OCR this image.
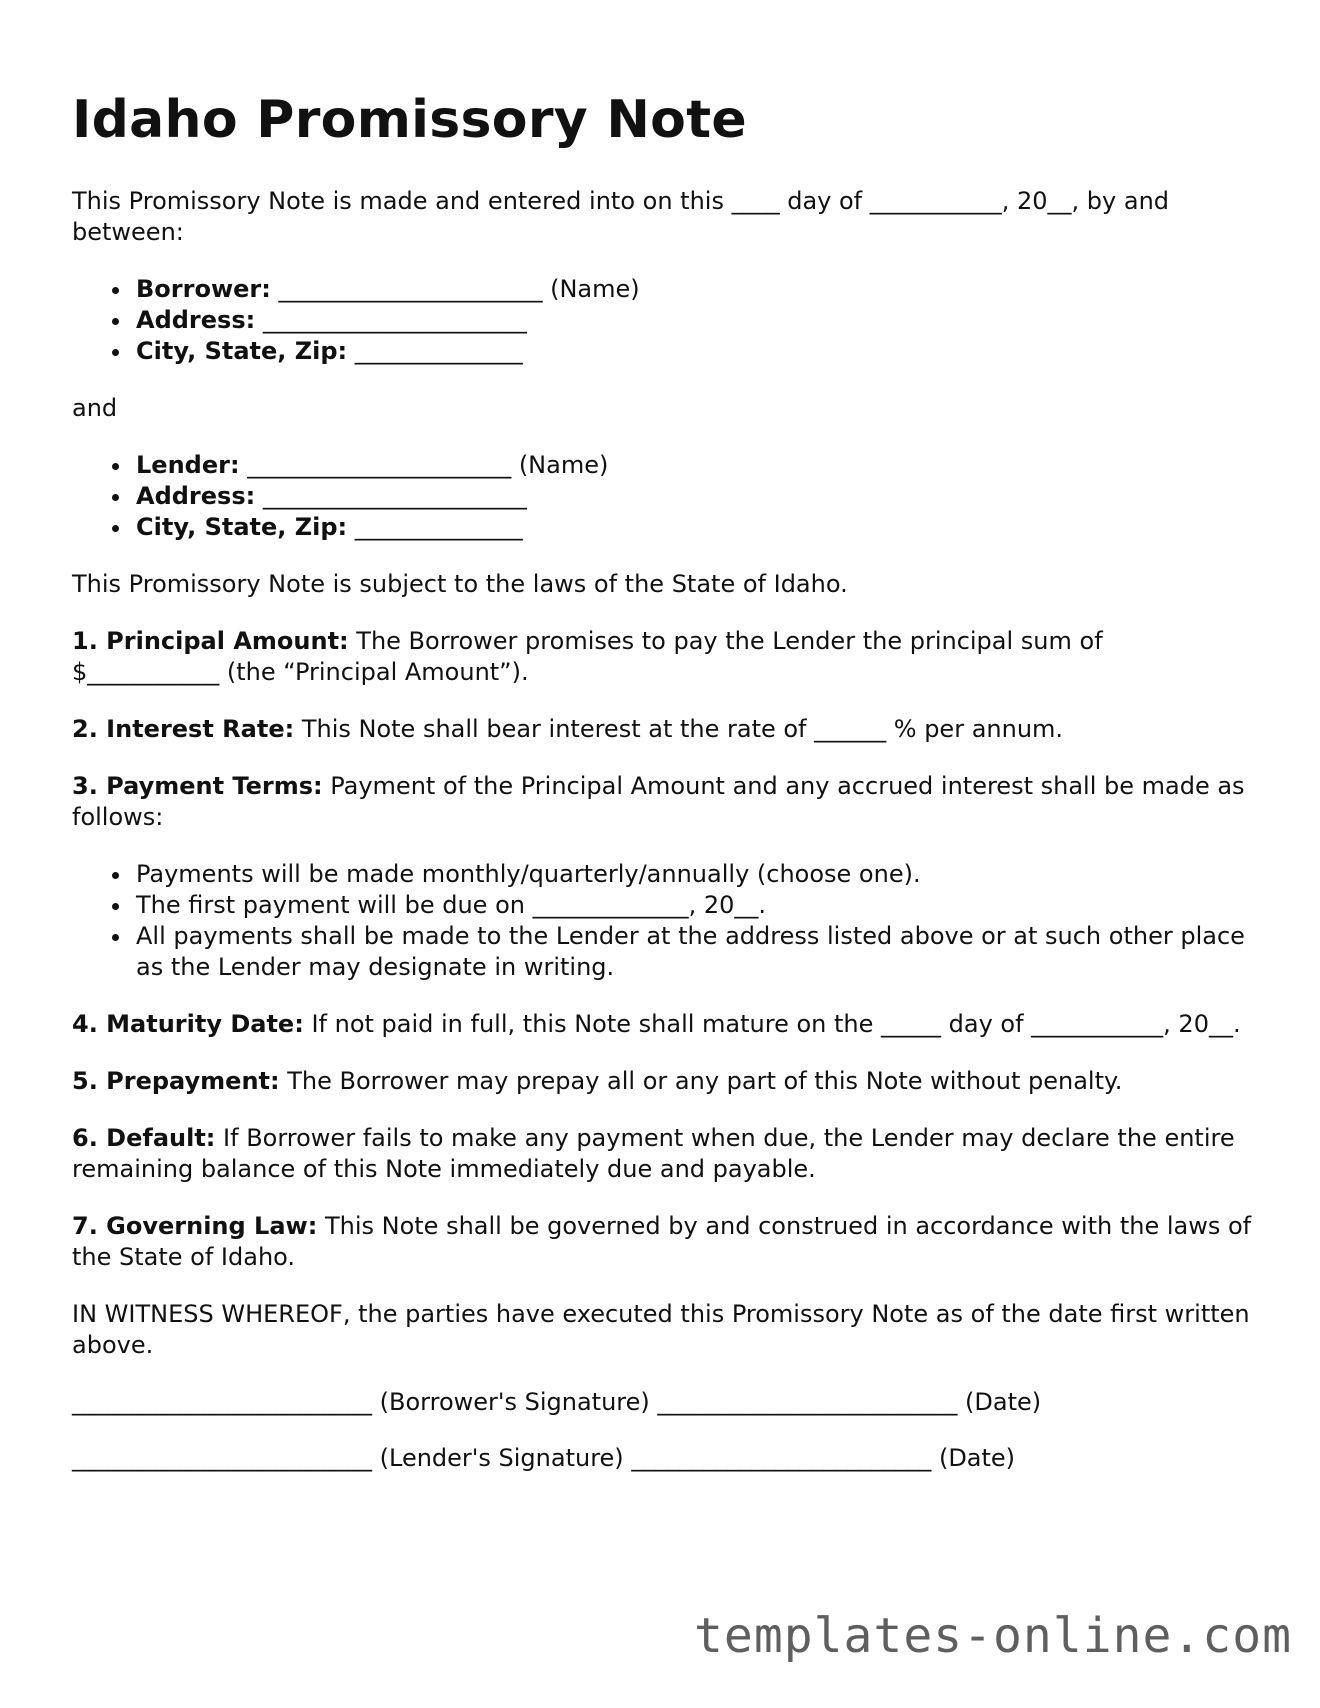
Idaho Promissory Note

This Promissory Note is made and entered into on this ____ day of ___________, 20__, by and between:

Borrower: ______________________ (Name)
Address: ______________________
City, State, Zip: ______________

and

Lender: ______________________ (Name)
Address: ______________________
City, State, Zip: ______________

This Promissory Note is subject to the laws of the State of Idaho.

1. Principal Amount: The Borrower promises to pay the Lender the principal sum of $___________ (the “Principal Amount”).

2. Interest Rate: This Note shall bear interest at the rate of ______ % per annum.

3. Payment Terms: Payment of the Principal Amount and any accrued interest shall be made as follows:

Payments will be made monthly/quarterly/annually (choose one).
The first payment will be due on _____________, 20__.
All payments shall be made to the Lender at the address listed above or at such other place as the Lender may designate in writing.

4. Maturity Date: If not paid in full, this Note shall mature on the _____ day of ___________, 20__.

5. Prepayment: The Borrower may prepay all or any part of this Note without penalty.

6. Default: If Borrower fails to make any payment when due, the Lender may declare the entire remaining balance of this Note immediately due and payable.

7. Governing Law: This Note shall be governed by and construed in accordance with the laws of the State of Idaho.

IN WITNESS WHEREOF, the parties have executed this Promissory Note as of the date first written above.

_________________________ (Borrower's Signature) _________________________ (Date)
_________________________ (Lender's Signature) _________________________ (Date)
templates-online.com
